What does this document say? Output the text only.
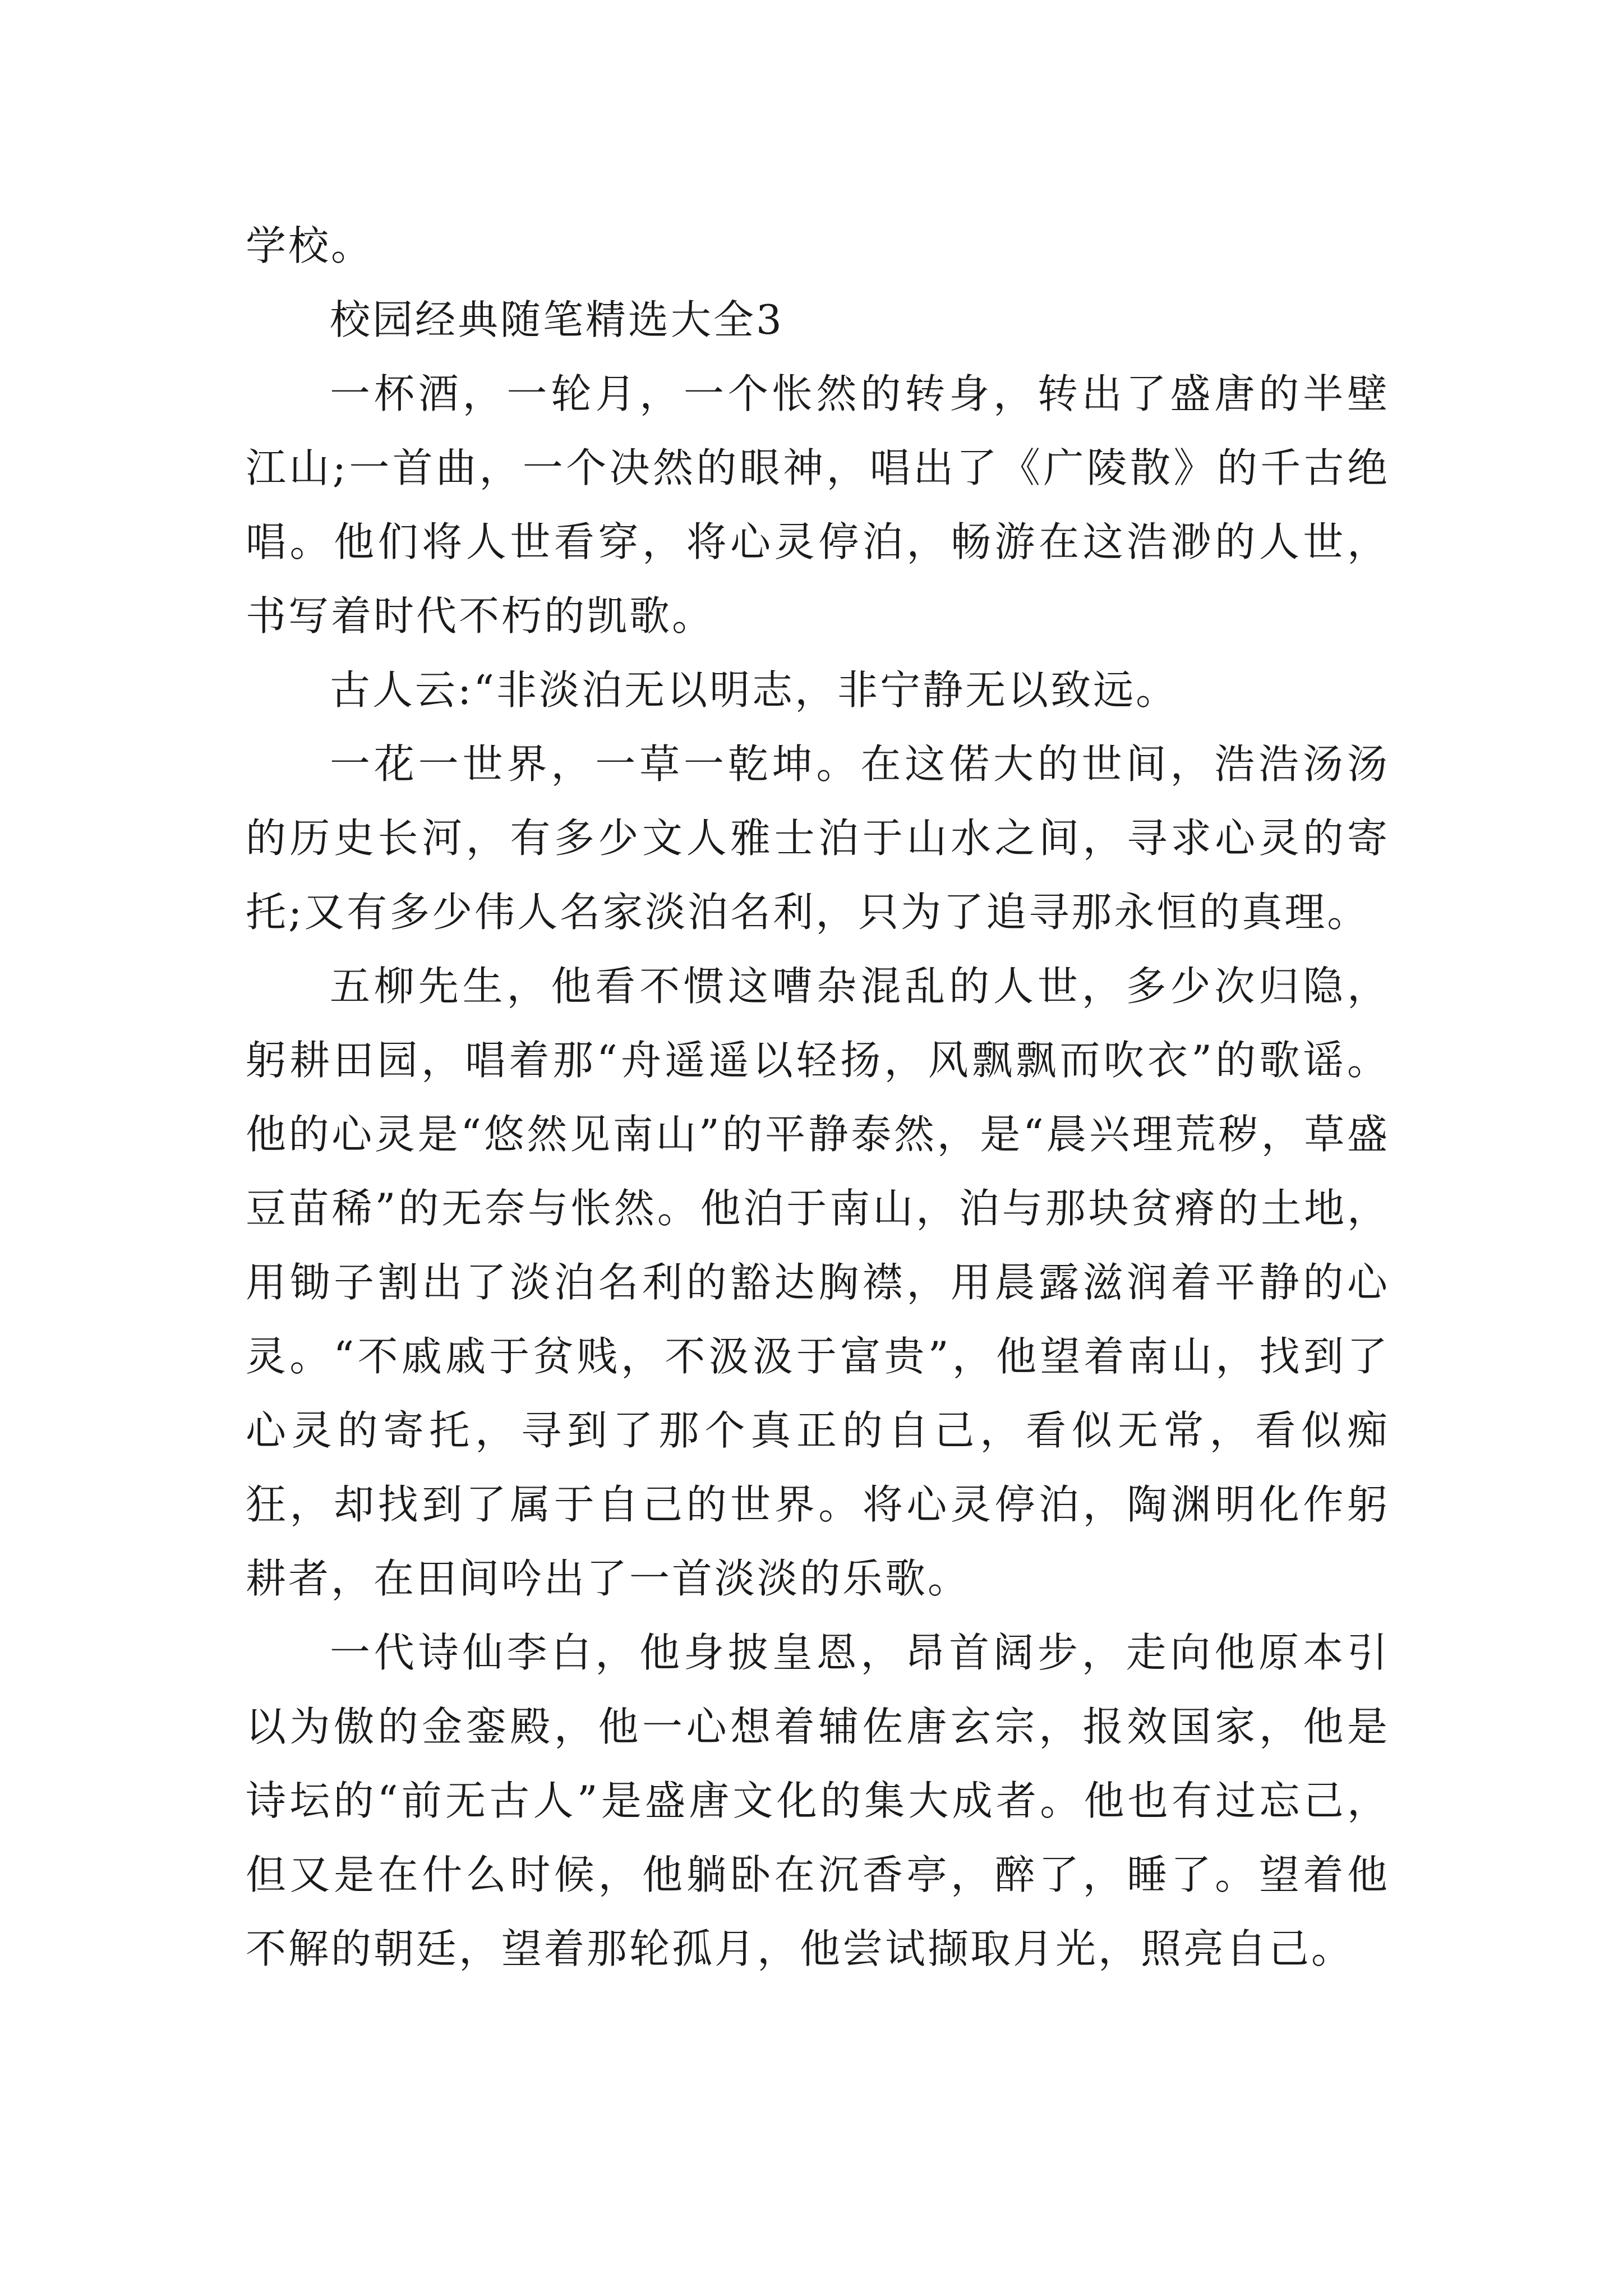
学校。

校园经典随笔精选大全3

一杯酒，一轮月，一个怅然的转身，转出了盛唐的半壁江山;一首曲，一个决然的眼神，唱出了《广陵散》的千古绝唱。他们将人世看穿，将心灵停泊，畅游在这浩渺的人世，书写着时代不朽的凯歌。

古人云:“非淡泊无以明志，非宁静无以致远。

一花一世界，一草一乾坤。在这偌大的世间，浩浩汤汤的历史长河，有多少文人雅士泊于山水之间，寻求心灵的寄托;又有多少伟人名家淡泊名利，只为了追寻那永恒的真理。

五柳先生，他看不惯这嘈杂混乱的人世，多少次归隐，躬耕田园，唱着那“舟遥遥以轻扬，风飘飘而吹衣”的歌谣。他的心灵是“悠然见南山”的平静泰然，是“晨兴理荒秽，草盛豆苗稀”的无奈与怅然。他泊于南山，泊与那块贫瘠的土地，用锄子割出了淡泊名利的豁达胸襟，用晨露滋润着平静的心灵。“不戚戚于贫贱，不汲汲于富贵”，他望着南山，找到了心灵的寄托，寻到了那个真正的自己，看似无常，看似痴狂，却找到了属于自己的世界。将心灵停泊，陶渊明化作躬耕者，在田间吟出了一首淡淡的乐歌。

一代诗仙李白，他身披皇恩，昂首阔步，走向他原本引以为傲的金銮殿，他一心想着辅佐唐玄宗，报效国家，他是诗坛的“前无古人”是盛唐文化的集大成者。他也有过忘己，但又是在什么时候，他躺卧在沉香亭，醉了，睡了。望着他不解的朝廷，望着那轮孤月，他尝试撷取月光，照亮自己。
